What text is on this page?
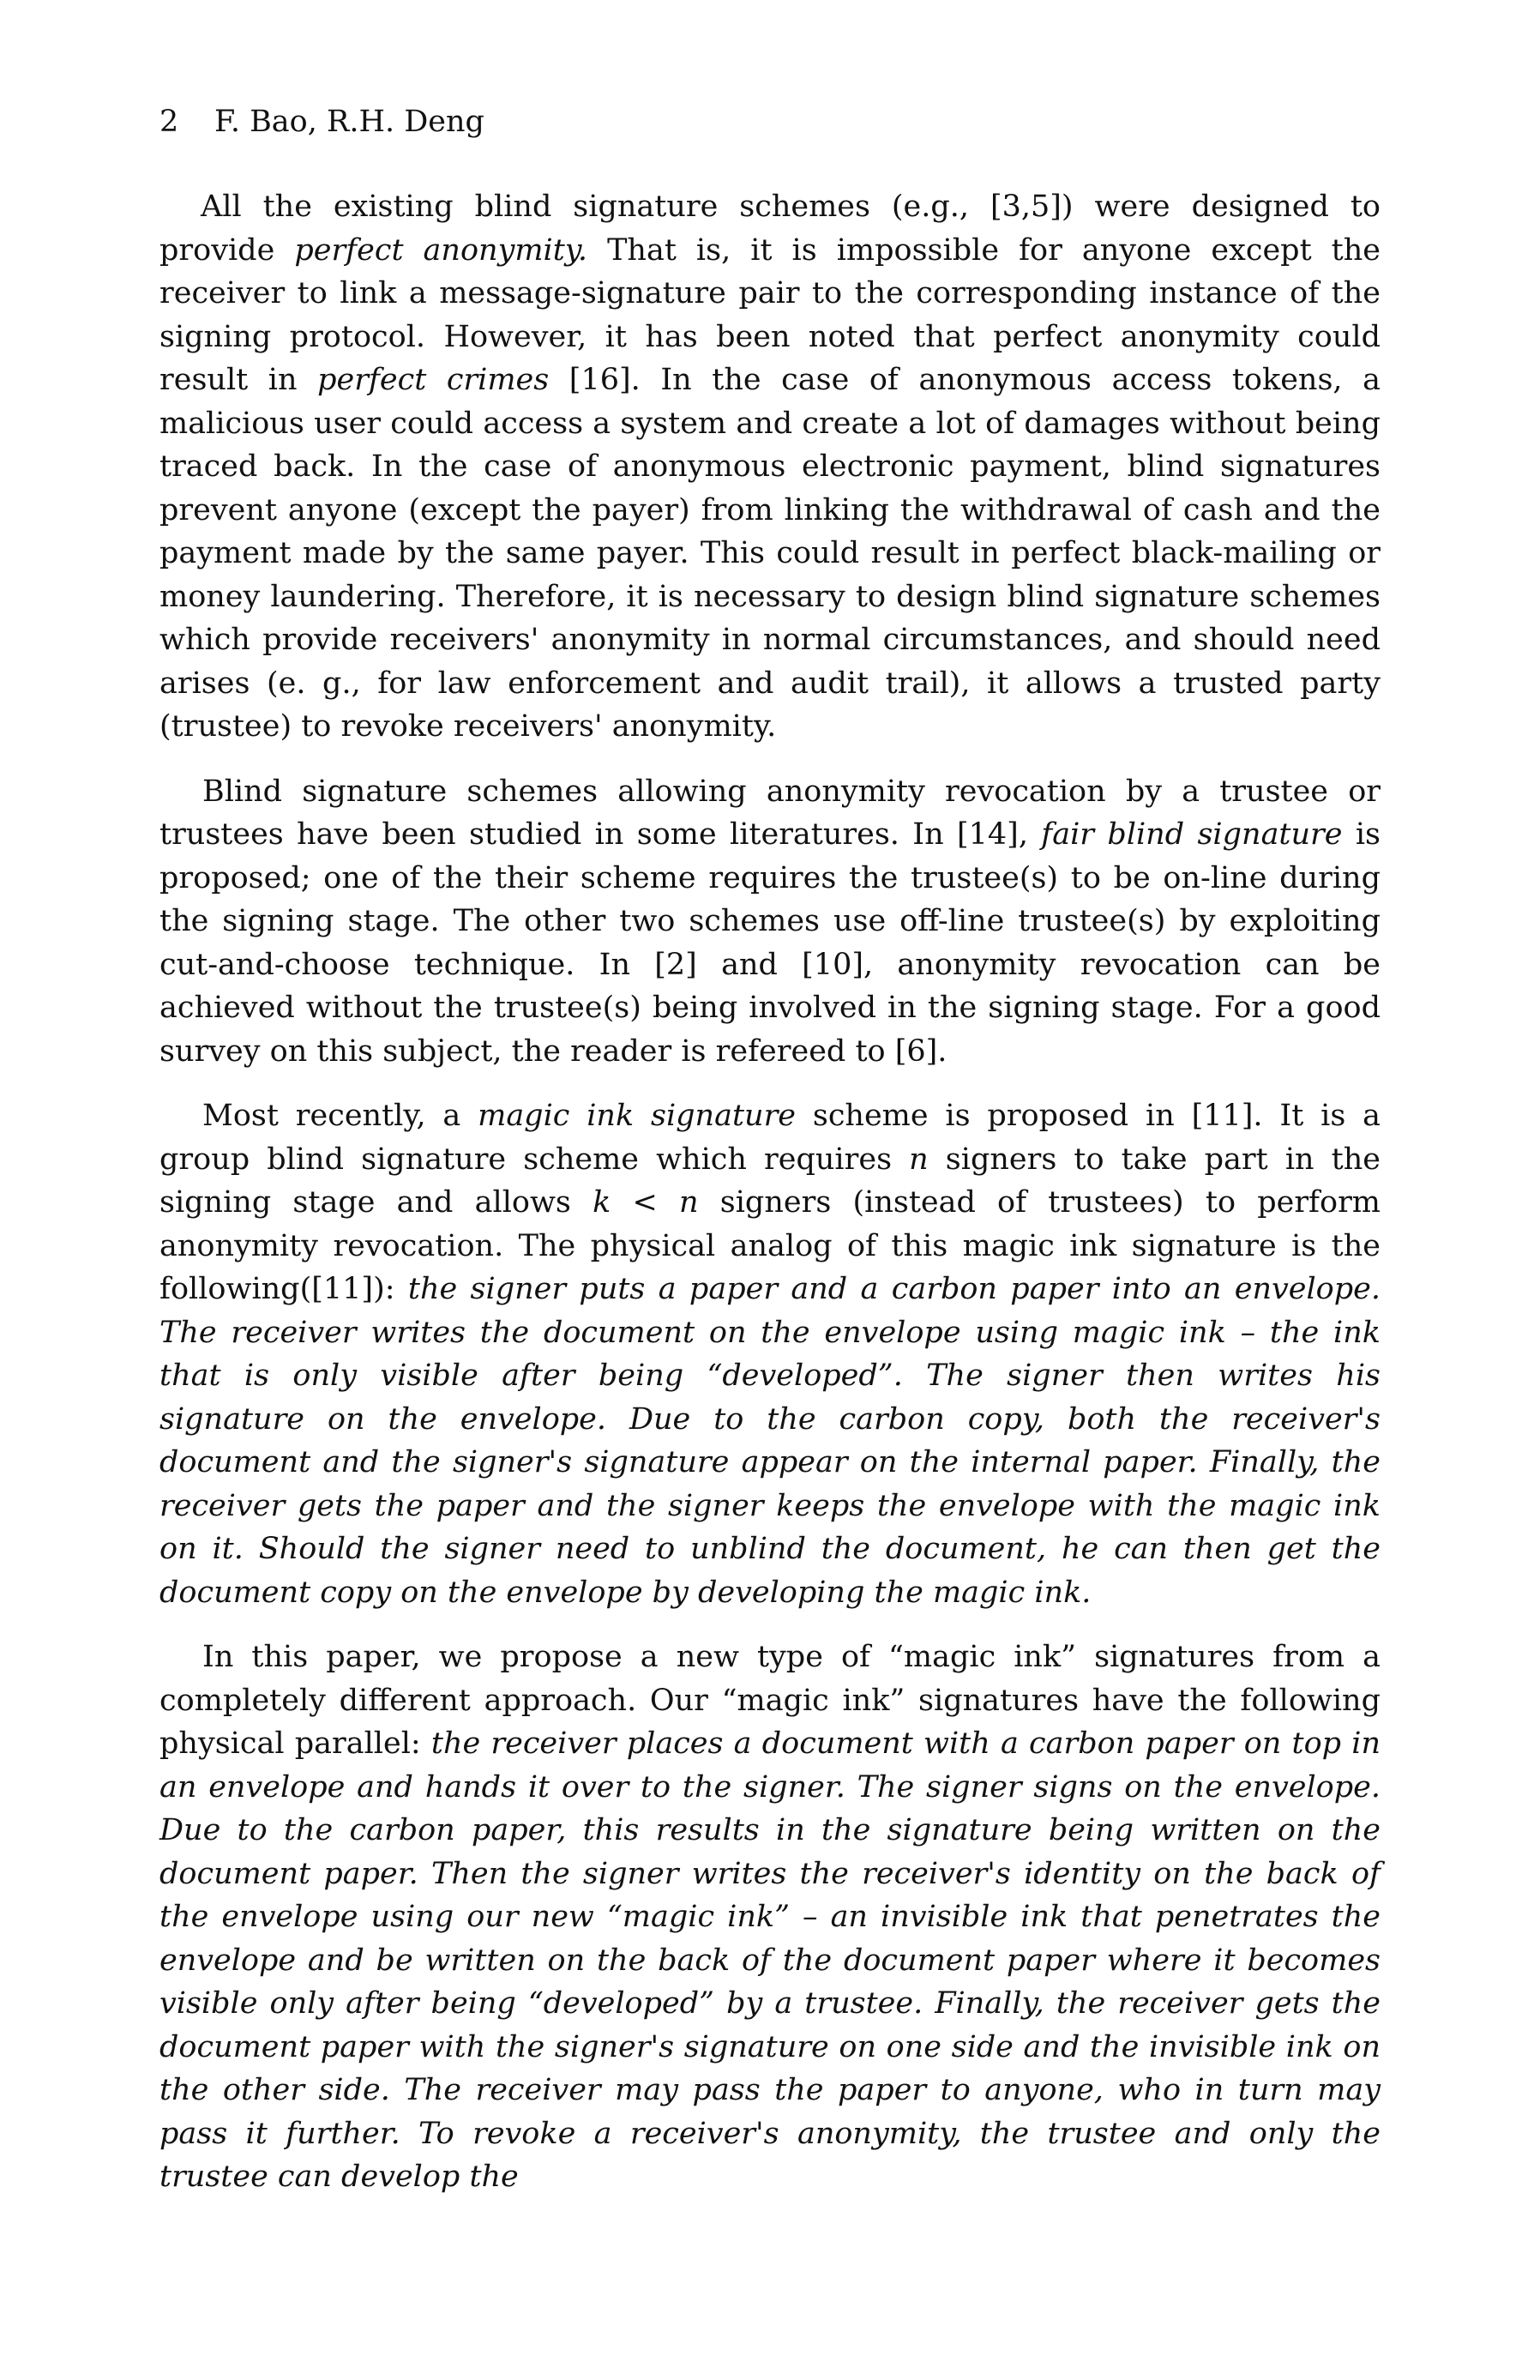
2 F. Bao, R.H. Deng

All the existing blind signature schemes (e.g., [3,5]) were designed to provide perfect anonymity. That is, it is impossible for anyone except the receiver to link a message-signature pair to the corresponding instance of the signing protocol. However, it has been noted that perfect anonymity could result in perfect crimes [16]. In the case of anonymous access tokens, a malicious user could access a system and create a lot of damages without being traced back. In the case of anonymous electronic payment, blind signatures prevent anyone (except the payer) from linking the withdrawal of cash and the payment made by the same payer. This could result in perfect black-mailing or money laundering. Therefore, it is necessary to design blind signature schemes which provide receivers' anonymity in normal circumstances, and should need arises (e. g., for law enforcement and audit trail), it allows a trusted party (trustee) to revoke receivers' anonymity.

Blind signature schemes allowing anonymity revocation by a trustee or trustees have been studied in some literatures. In [14], fair blind signature is proposed; one of the their scheme requires the trustee(s) to be on-line during the signing stage. The other two schemes use off-line trustee(s) by exploiting cut-and-choose technique. In [2] and [10], anonymity revocation can be achieved without the trustee(s) being involved in the signing stage. For a good survey on this subject, the reader is refereed to [6].

Most recently, a magic ink signature scheme is proposed in [11]. It is a group blind signature scheme which requires n signers to take part in the signing stage and allows k < n signers (instead of trustees) to perform anonymity revocation. The physical analog of this magic ink signature is the following([11]): the signer puts a paper and a carbon paper into an envelope. The receiver writes the document on the envelope using magic ink – the ink that is only visible after being “developed”. The signer then writes his signature on the envelope. Due to the carbon copy, both the receiver's document and the signer's signature appear on the internal paper. Finally, the receiver gets the paper and the signer keeps the envelope with the magic ink on it. Should the signer need to unblind the document, he can then get the document copy on the envelope by developing the magic ink.

In this paper, we propose a new type of “magic ink” signatures from a completely different approach. Our “magic ink” signatures have the following physical parallel: the receiver places a document with a carbon paper on top in an envelope and hands it over to the signer. The signer signs on the envelope. Due to the carbon paper, this results in the signature being written on the document paper. Then the signer writes the receiver's identity on the back of the envelope using our new “magic ink” – an invisible ink that penetrates the envelope and be written on the back of the document paper where it becomes visible only after being “developed” by a trustee. Finally, the receiver gets the document paper with the signer's signature on one side and the invisible ink on the other side. The receiver may pass the paper to anyone, who in turn may pass it further. To revoke a receiver's anonymity, the trustee and only the trustee can develop the
